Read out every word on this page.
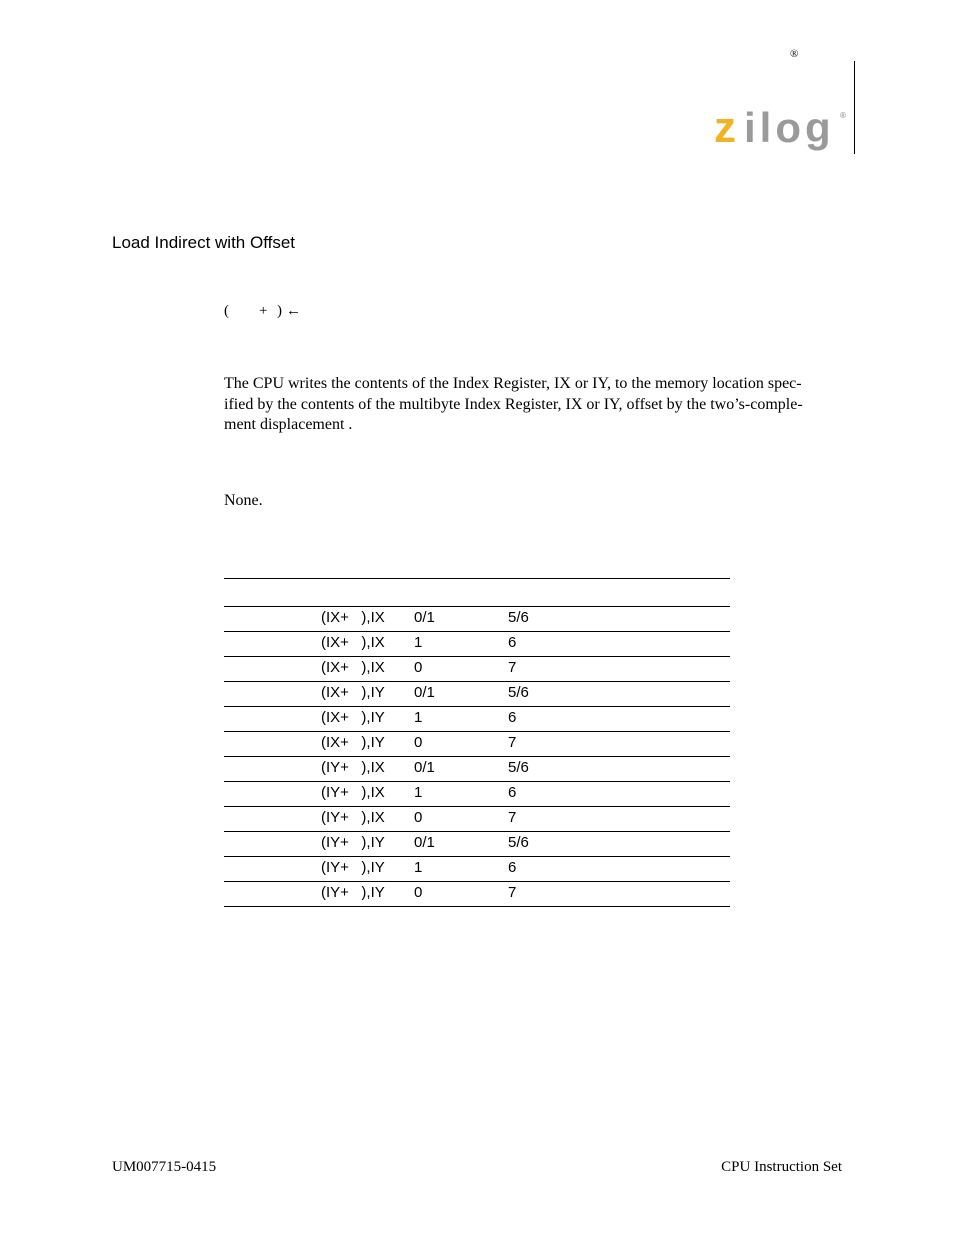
®
z ilog ®
Load Indirect with Offset
( + ) ←
The CPU writes the contents of the Index Register, IX or IY, to the memory location spec-
ified by the contents of the multibyte Index Register, IX or IY, offset by the two’s-comple-
ment displacement .
None.
(IX+   ),IX 0/1	5/6
(IX+   ),IX 1	6
(IX+   ),IX 0	7
(IX+   ),IY 0/1	5/6
(IX+   ),IY 1	6
(IX+   ),IY 0	7
(IY+   ),IX 0/1	5/6
(IY+   ),IX 1	6
(IY+   ),IX 0	7
(IY+   ),IY 0/1	5/6
(IY+   ),IY 1	6
(IY+   ),IY 0	7
UM007715-0415	CPU Instruction Set
